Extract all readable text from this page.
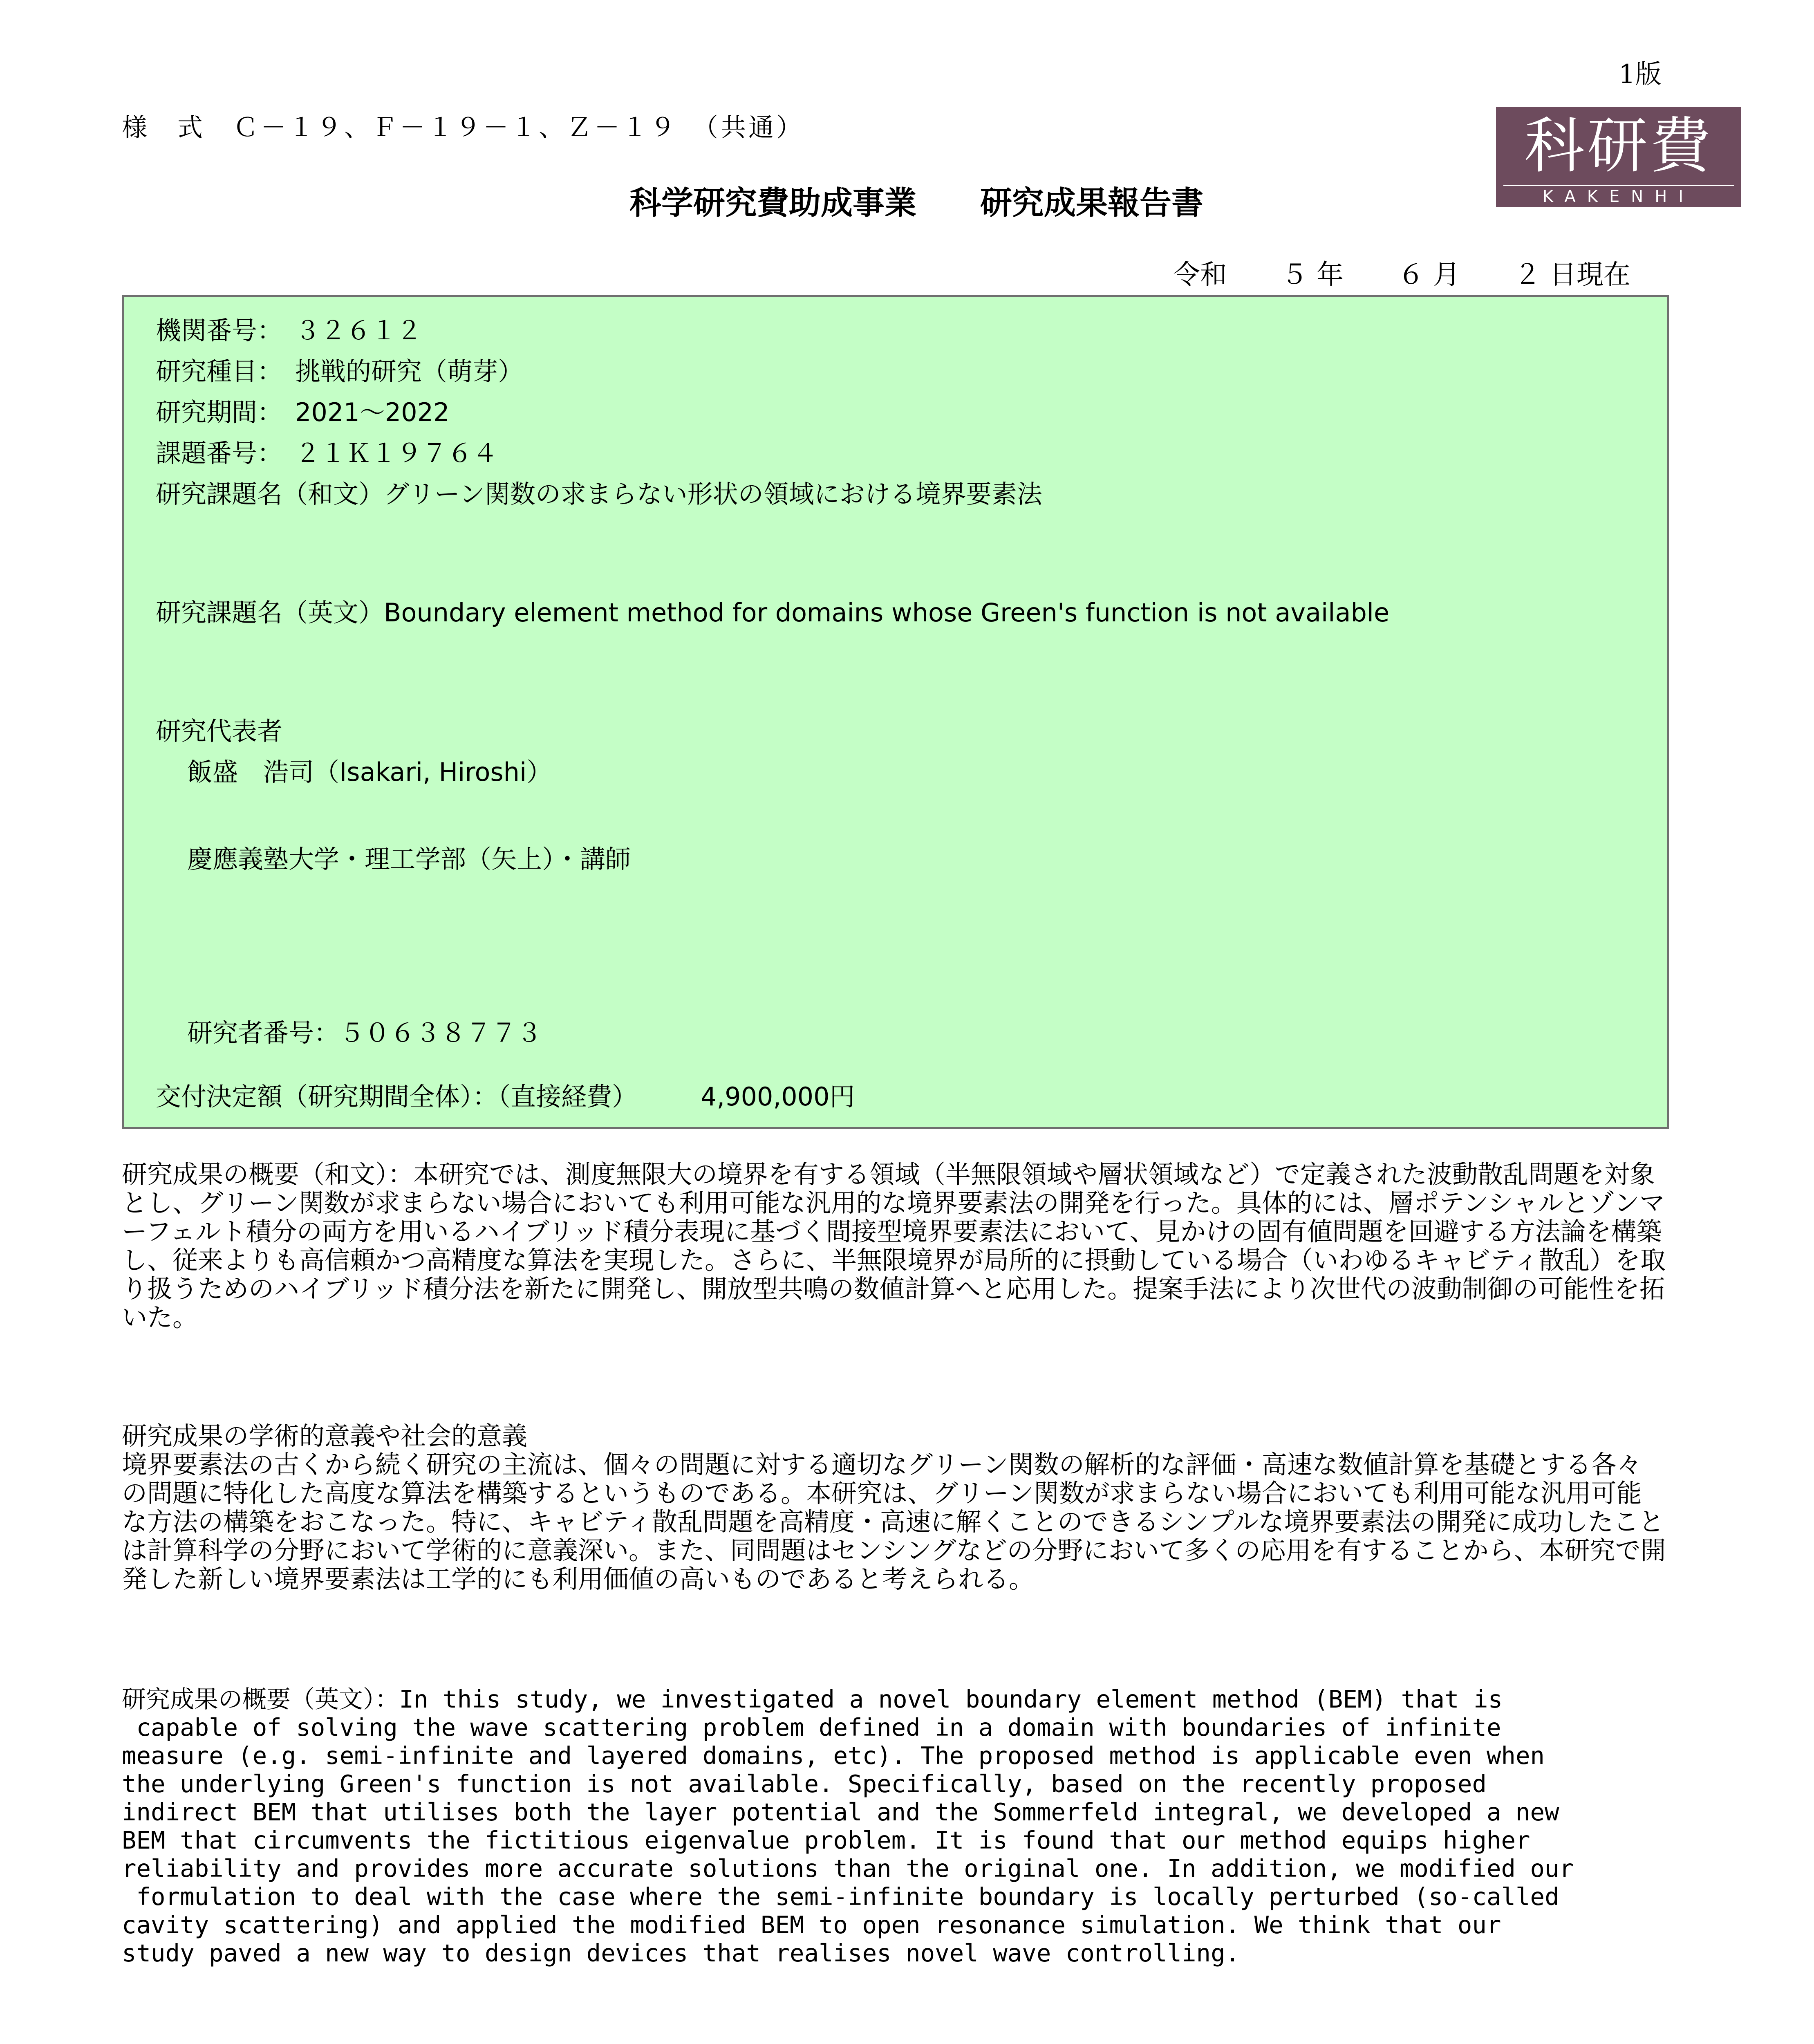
1版
様　式　Ｃ－１９、Ｆ－１９－１、Ｚ－１９　（共通）	科研費
KAKENHI
科学研究費助成事業　　研究成果報告書
令和　　５ 年　　６ 月　　２ 日現在
機関番号：　３２６１２
研究種目：　挑戦的研究（萌芽）
研究期間：　2021～2022
課題番号：　２１Ｋ１９７６４
研究課題名（和文）グリーン関数の求まらない形状の領域における境界要素法
研究課題名（英文）Boundary element method for domains whose Green's function is not available
研究代表者
飯盛　浩司（Isakari, Hiroshi）
慶應義塾大学・理工学部（矢上）・講師
研究者番号：５０６３８７７３
交付決定額（研究期間全体）：（直接経費）　　　4,900,000円
研究成果の概要（和文）：本研究では、測度無限大の境界を有する領域（半無限領域や層状領域など）で定義された波動散乱問題を対象とし、グリーン関数が求まらない場合においても利用可能な汎用的な境界要素法の開発を行った。具体的には、層ポテンシャルとゾンマーフェルト積分の両方を用いるハイブリッド積分表現に基づく間接型境界要素法において、見かけの固有値問題を回避する方法論を構築し、従来よりも高信頼かつ高精度な算法を実現した。さらに、半無限境界が局所的に摂動している場合（いわゆるキャビティ散乱）を取り扱うためのハイブリッド積分法を新たに開発し、開放型共鳴の数値計算へと応用した。提案手法により次世代の波動制御の可能性を拓いた。
研究成果の学術的意義や社会的意義
境界要素法の古くから続く研究の主流は、個々の問題に対する適切なグリーン関数の解析的な評価・高速な数値計算を基礎とする各々の問題に特化した高度な算法を構築するというものである。本研究は、グリーン関数が求まらない場合においても利用可能な汎用可能な方法の構築をおこなった。特に、キャビティ散乱問題を高精度・高速に解くことのできるシンプルな境界要素法の開発に成功したことは計算科学の分野において学術的に意義深い。また、同問題はセンシングなどの分野において多くの応用を有することから、本研究で開発した新しい境界要素法は工学的にも利用価値の高いものであると考えられる。
研究成果の概要（英文）：In this study, we investigated a novel boundary element method (BEM) that is
capable of solving the wave scattering problem defined in a domain with boundaries of infinite
measure (e.g. semi-infinite and layered domains, etc). The proposed method is applicable even when
the underlying Green's function is not available. Specifically, based on the recently proposed
indirect BEM that utilises both the layer potential and the Sommerfeld integral, we developed a new
BEM that circumvents the fictitious eigenvalue problem. It is found that our method equips higher
reliability and provides more accurate solutions than the original one. In addition, we modified our
formulation to deal with the case where the semi-infinite boundary is locally perturbed (so-called
cavity scattering) and applied the modified BEM to open resonance simulation. We think that our
study paved a new way to design devices that realises novel wave controlling.
